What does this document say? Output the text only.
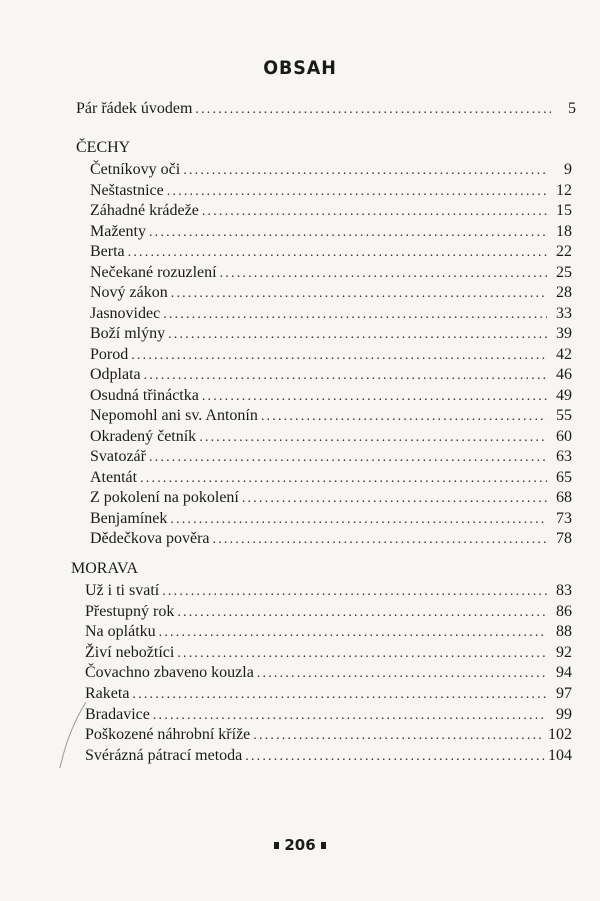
OBSAH
Pár řádek úvodem .....	5
ČECHY
Četníkovy oči .....	9
Neštastnice .....	12
Záhadné krádeže .....	15
Maženty .....	18
Berta .....	22
Nečekané rozuzlení .....	25
Nový zákon .....	28
Jasnovidec .....	33
Boží mlýny .....	39
Porod .....	42
Odplata .....	46
Osudná třináctka .....	49
Nepomohl ani sv. Antonín .....	55
Okradený četník .....	60
Svatozář .....	63
Atentát .....	65
Z pokolení na pokolení .....	68
Benjamínek .....	73
Dědečkova pověra .....	78
MORAVA
Už i ti svatí .....	83
Přestupný rok .....	86
Na oplátku .....	88
Živí nebožtíci .....	92
Čovachno zbaveno kouzla .....	94
Raketa .....	97
Bradavice .....	99
Poškozené náhrobní kříže .....	102
Svérázná pátrací metoda .....	104
206
